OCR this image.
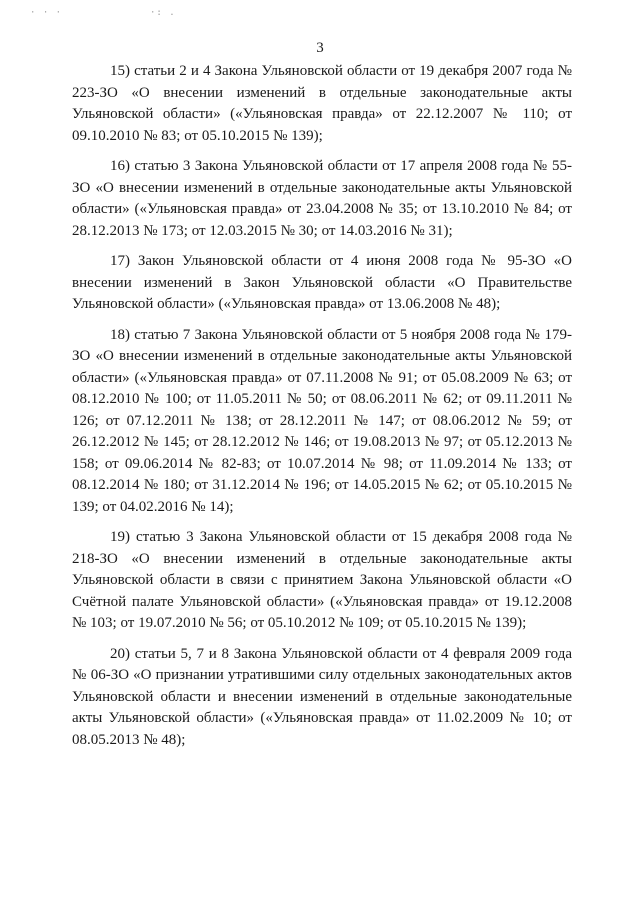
· · ·	·: .
3

15) статьи 2 и 4 Закона Ульяновской области от 19 декабря 2007 года № 223-ЗО «О внесении изменений в отдельные законодательные акты Ульяновской области» («Ульяновская правда» от 22.12.2007 № 110; от 09.10.2010 № 83; от 05.10.2015 № 139);

16) статью 3 Закона Ульяновской области от 17 апреля 2008 года № 55-ЗО «О внесении изменений в отдельные законодательные акты Ульяновской области» («Ульяновская правда» от 23.04.2008 № 35; от 13.10.2010 № 84; от 28.12.2013 № 173; от 12.03.2015 № 30; от 14.03.2016 № 31);

17) Закон Ульяновской области от 4 июня 2008 года № 95-ЗО «О внесении изменений в Закон Ульяновской области «О Правительстве Ульяновской области» («Ульяновская правда» от 13.06.2008 № 48);

18) статью 7 Закона Ульяновской области от 5 ноября 2008 года № 179-ЗО «О внесении изменений в отдельные законодательные акты Ульяновской области» («Ульяновская правда» от 07.11.2008 № 91; от 05.08.2009 № 63; от 08.12.2010 № 100; от 11.05.2011 № 50; от 08.06.2011 № 62; от 09.11.2011 № 126; от 07.12.2011 № 138; от 28.12.2011 № 147; от 08.06.2012 № 59; от 26.12.2012 № 145; от 28.12.2012 № 146; от 19.08.2013 № 97; от 05.12.2013 № 158; от 09.06.2014 № 82-83; от 10.07.2014 № 98; от 11.09.2014 № 133; от 08.12.2014 № 180; от 31.12.2014 № 196; от 14.05.2015 № 62; от 05.10.2015 № 139; от 04.02.2016 № 14);

19) статью 3 Закона Ульяновской области от 15 декабря 2008 года № 218-ЗО «О внесении изменений в отдельные законодательные акты Ульяновской области в связи с принятием Закона Ульяновской области «О Счётной палате Ульяновской области» («Ульяновская правда» от 19.12.2008 № 103; от 19.07.2010 № 56; от 05.10.2012 № 109; от 05.10.2015 № 139);

20) статьи 5, 7 и 8 Закона Ульяновской области от 4 февраля 2009 года № 06-ЗО «О признании утратившими силу отдельных законодательных актов Ульяновской области и внесении изменений в отдельные законодательные акты Ульяновской области» («Ульяновская правда» от 11.02.2009 № 10; от 08.05.2013 № 48);
